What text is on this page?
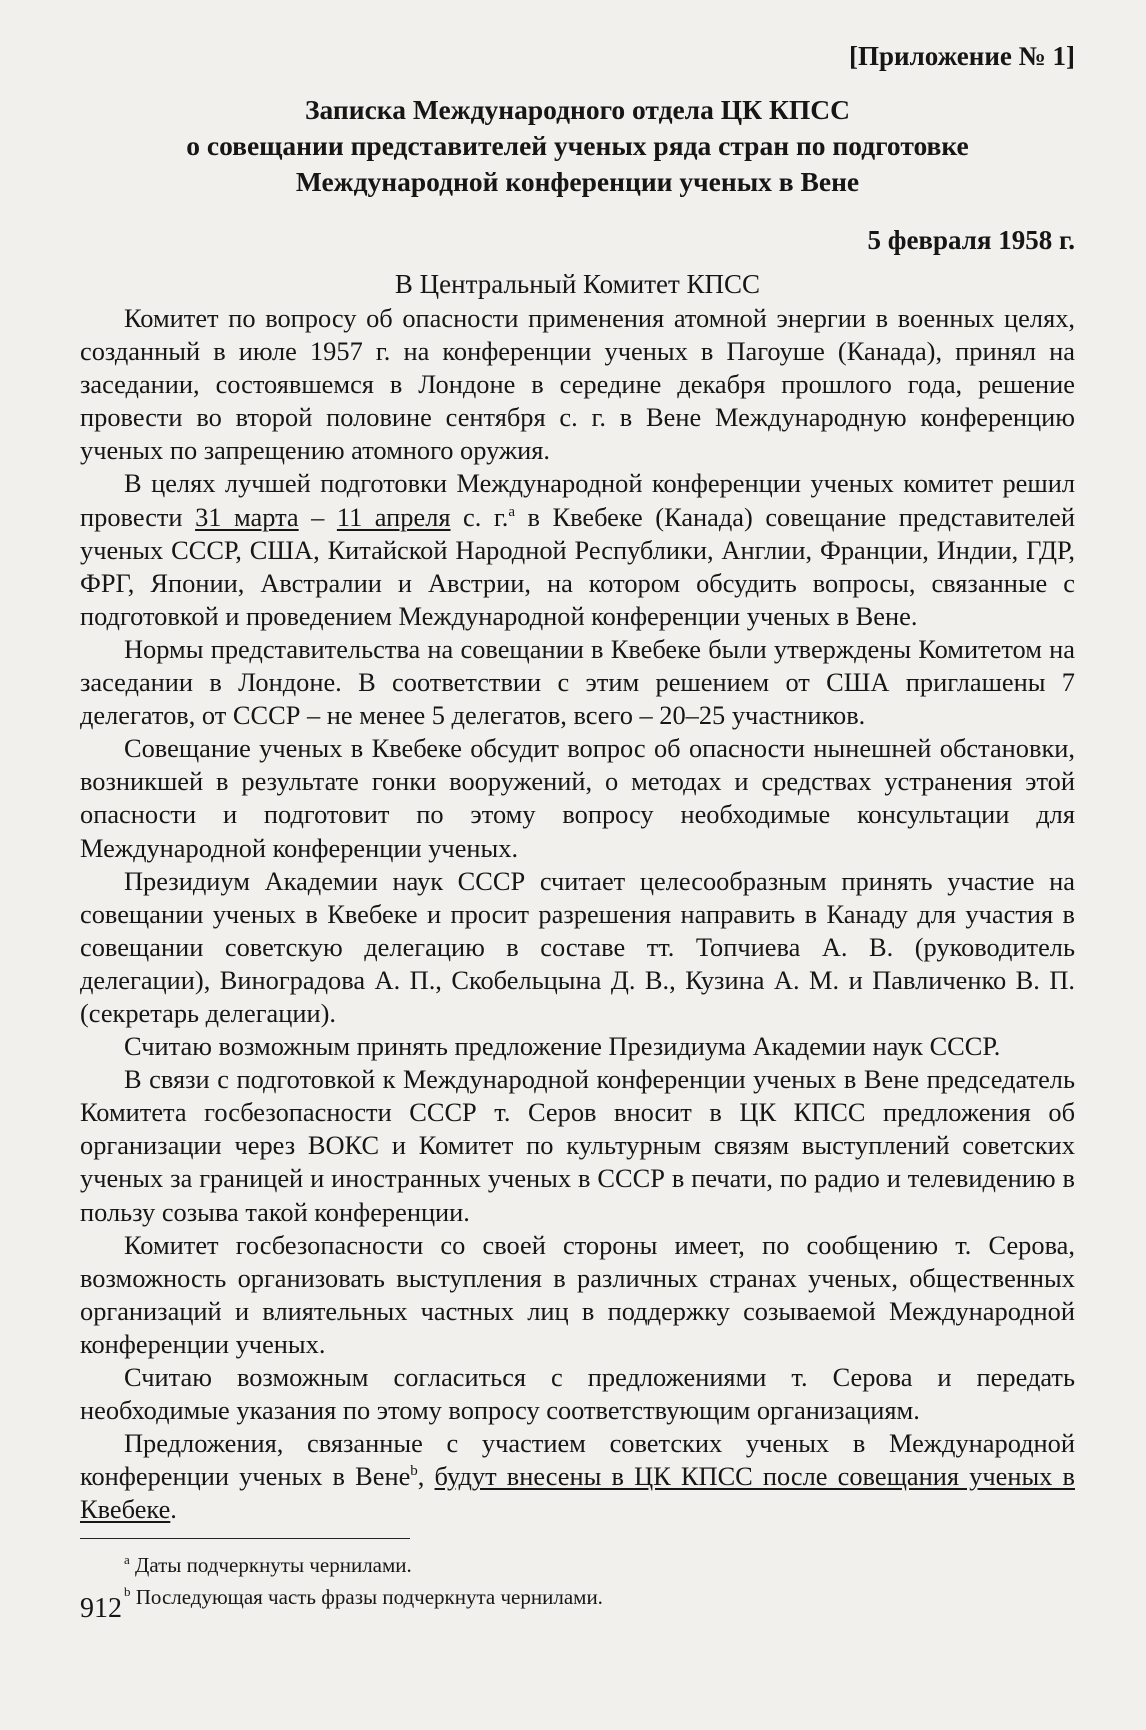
[Приложение № 1]
Записка Международного отдела ЦК КПСС
о совещании представителей ученых ряда стран по подготовке
Международной конференции ученых в Вене
5 февраля 1958 г.
В Центральный Комитет КПСС

Комитет по вопросу об опасности применения атомной энергии в военных целях, созданный в июле 1957 г. на конференции ученых в Пагоуше (Канада), принял на заседании, состоявшемся в Лондоне в середине декабря прошлого года, решение провести во второй половине сентября с. г. в Вене Международную конференцию ученых по запрещению атомного оружия.

В целях лучшей подготовки Международной конференции ученых комитет решил провести 31 марта – 11 апреля с. г.$^a$ в Квебеке (Канада) совещание представителей ученых СССР, США, Китайской Народной Республики, Англии, Франции, Индии, ГДР, ФРГ, Японии, Австралии и Австрии, на котором обсудить вопросы, связанные с подготовкой и проведением Международной конференции ученых в Вене.

Нормы представительства на совещании в Квебеке были утверждены Комитетом на заседании в Лондоне. В соответствии с этим решением от США приглашены 7 делегатов, от СССР – не менее 5 делегатов, всего – 20–25 участников.

Совещание ученых в Квебеке обсудит вопрос об опасности нынешней обстановки, возникшей в результате гонки вооружений, о методах и средствах устранения этой опасности и подготовит по этому вопросу необходимые консультации для Международной конференции ученых.

Президиум Академии наук СССР считает целесообразным принять участие на совещании ученых в Квебеке и просит разрешения направить в Канаду для участия в совещании советскую делегацию в составе тт. Топчиева А. В. (руководитель делегации), Виноградова А. П., Скобельцына Д. В., Кузина А. М. и Павличенко В. П. (секретарь делегации).

Считаю возможным принять предложение Президиума Академии наук СССР.

В связи с подготовкой к Международной конференции ученых в Вене председатель Комитета госбезопасности СССР т. Серов вносит в ЦК КПСС предложения об организации через ВОКС и Комитет по культурным связям выступлений советских ученых за границей и иностранных ученых в СССР в печати, по радио и телевидению в пользу созыва такой конференции.

Комитет госбезопасности со своей стороны имеет, по сообщению т. Серова, возможность организовать выступления в различных странах ученых, общественных организаций и влиятельных частных лиц в поддержку созываемой Международной конференции ученых.

Считаю возможным согласиться с предложениями т. Серова и передать необходимые указания по этому вопросу соответствующим организациям.

Предложения, связанные с участием советских ученых в Международной конференции ученых в Вене$^b$, будут внесены в ЦК КПСС после совещания ученых в Квебеке.

$^a$ Даты подчеркнуты чернилами.
$^b$ Последующая часть фразы подчеркнута чернилами.
912
